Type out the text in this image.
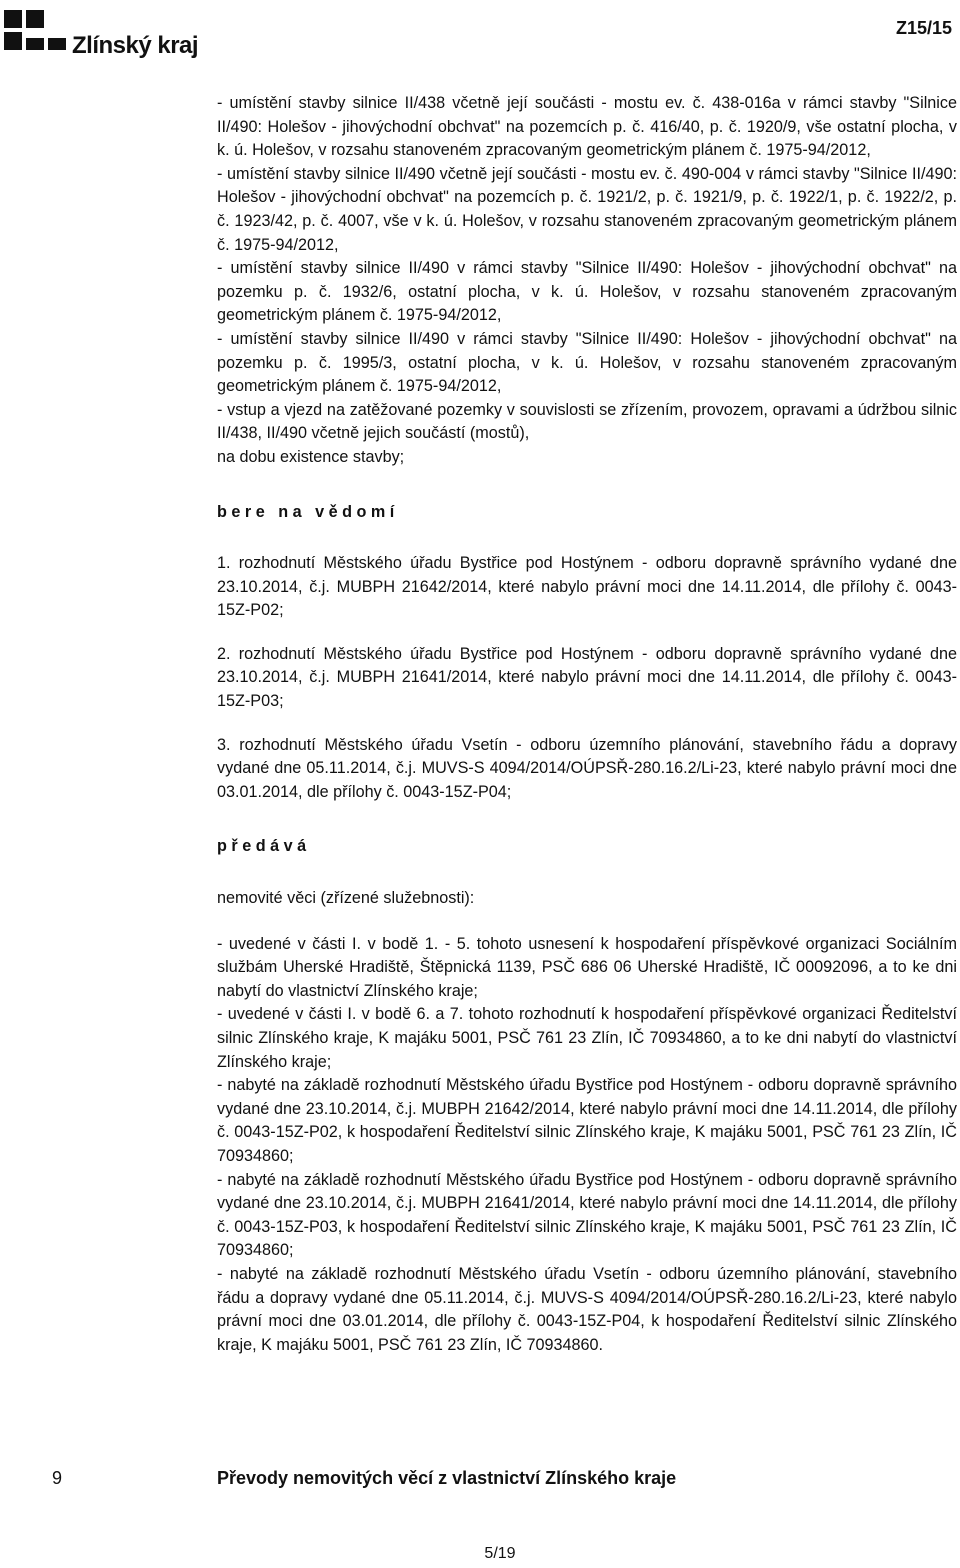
Zlínský kraj
Z15/15

- umístění stavby silnice II/438 včetně její součásti - mostu ev. č. 438-016a v rámci stavby "Silnice II/490: Holešov - jihovýchodní obchvat" na pozemcích p. č. 416/40, p. č. 1920/9, vše ostatní plocha, v k. ú. Holešov, v rozsahu stanoveném zpracovaným geometrickým plánem č. 1975-94/2012,

- umístění stavby silnice II/490 včetně její součásti - mostu ev. č. 490-004 v rámci stavby "Silnice II/490: Holešov - jihovýchodní obchvat" na pozemcích p. č. 1921/2, p. č. 1921/9, p. č. 1922/1, p. č. 1922/2, p. č. 1923/42, p. č. 4007, vše v k. ú. Holešov, v rozsahu stanoveném zpracovaným geometrickým plánem č. 1975-94/2012,

- umístění stavby silnice II/490 v rámci stavby "Silnice II/490: Holešov - jihovýchodní obchvat" na pozemku p. č. 1932/6, ostatní plocha, v k. ú. Holešov, v rozsahu stanoveném zpracovaným geometrickým plánem č. 1975-94/2012,

- umístění stavby silnice II/490 v rámci stavby "Silnice II/490: Holešov - jihovýchodní obchvat" na pozemku p. č. 1995/3, ostatní plocha, v k. ú. Holešov, v rozsahu stanoveném zpracovaným geometrickým plánem č. 1975-94/2012,

- vstup a vjezd na zatěžované pozemky v souvislosti se zřízením, provozem, opravami a údržbou silnic II/438, II/490 včetně jejich součástí (mostů),

na dobu existence stavby;

bere na vědomí

1. rozhodnutí Městského úřadu Bystřice pod Hostýnem - odboru dopravně správního vydané dne 23.10.2014, č.j. MUBPH 21642/2014, které nabylo právní moci dne 14.11.2014, dle přílohy č. 0043-15Z-P02;

2. rozhodnutí Městského úřadu Bystřice pod Hostýnem - odboru dopravně správního vydané dne 23.10.2014, č.j. MUBPH 21641/2014, které nabylo právní moci dne 14.11.2014, dle přílohy č. 0043-15Z-P03;

3. rozhodnutí Městského úřadu Vsetín - odboru územního plánování, stavebního řádu a dopravy vydané dne 05.11.2014, č.j. MUVS-S 4094/2014/OÚPSŘ-280.16.2/Li-23, které nabylo právní moci dne 03.01.2014, dle přílohy č. 0043-15Z-P04;

předává

nemovité věci (zřízené služebnosti):

- uvedené v části I. v bodě 1. - 5. tohoto usnesení k hospodaření příspěvkové organizaci Sociálním službám Uherské Hradiště, Štěpnická 1139, PSČ 686 06 Uherské Hradiště, IČ 00092096, a to ke dni nabytí do vlastnictví Zlínského kraje;

- uvedené v části I. v bodě 6. a 7. tohoto rozhodnutí k hospodaření příspěvkové organizaci Ředitelství silnic Zlínského kraje, K majáku 5001, PSČ 761 23 Zlín, IČ 70934860, a to ke dni nabytí do vlastnictví Zlínského kraje;

- nabyté na základě rozhodnutí Městského úřadu Bystřice pod Hostýnem - odboru dopravně správního vydané dne 23.10.2014, č.j. MUBPH 21642/2014, které nabylo právní moci dne 14.11.2014, dle přílohy č. 0043-15Z-P02, k hospodaření Ředitelství silnic Zlínského kraje, K majáku 5001, PSČ 761 23 Zlín, IČ 70934860;

- nabyté na základě rozhodnutí Městského úřadu Bystřice pod Hostýnem - odboru dopravně správního vydané dne 23.10.2014, č.j. MUBPH 21641/2014, které nabylo právní moci dne 14.11.2014, dle přílohy č. 0043-15Z-P03, k hospodaření Ředitelství silnic Zlínského kraje, K majáku 5001, PSČ 761 23 Zlín, IČ 70934860;

- nabyté na základě rozhodnutí Městského úřadu Vsetín - odboru územního plánování, stavebního řádu a dopravy vydané dne 05.11.2014, č.j. MUVS-S 4094/2014/OÚPSŘ-280.16.2/Li-23, které nabylo právní moci dne 03.01.2014, dle přílohy č. 0043-15Z-P04, k hospodaření Ředitelství silnic Zlínského kraje, K majáku 5001, PSČ 761 23 Zlín, IČ 70934860.

9	Převody nemovitých věcí z vlastnictví Zlínského kraje
5/19
